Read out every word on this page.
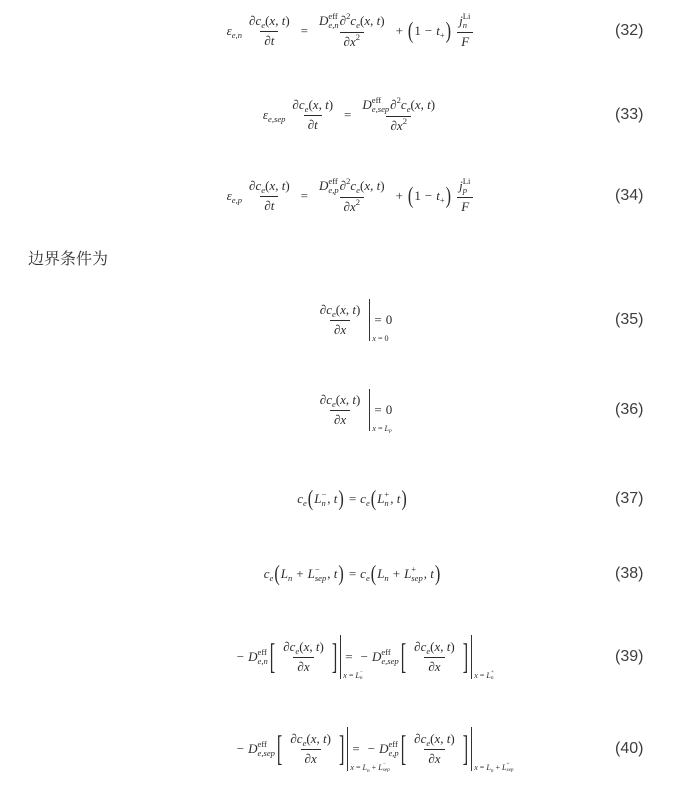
ε $e,n \frac{\text{∂ c e ( x , t )}}{\partial t} = D$ eff
e,n ∂ 2 c e ( x , t )
∂ x 2 + ( 1 − t + ) j Li
n
F	(32)
ε $e,sep \frac{\text{∂ c e ( x , t )}}{\partial t} = D$ eff
e,sep ∂ 2 c e ( x , t )
∂ x 2	(33)
ε $e,p \frac{\text{∂ c e ( x , t )}}{\partial t} = D$ eff
e,p ∂ 2 c e ( x , t )
∂ x 2 + ( 1 − t + ) j Li
p
F	(34)
边界条件为
$\frac{\text{∂ c e ( x , t )}}{\partial x}$ x = 0
= 0	(35)
$\frac{\text{∂ c e ( x , t )}}{\partial x}$ x = L p
= 0	(36)
c e ( L −
n , t ) = c e ( L +
n , t )	(37)
c e ( L n + L −
sep , t ) = c e ( L n + L +
sep , t )	(38)
− D eff
e,n [ $\frac{\text{∂ c e ( x , t )}}{\partial x}$ ] x = L −
n
= − D eff
e,sep [ $\frac{\text{∂ c e ( x , t )}}{\partial x}$ ] x = L +
n
(39)
− D eff
e,sep [ $\frac{\text{∂ c e ( x , t )}}{\partial x}$ ] x = L n + L −
sep
= − D eff
e,p [ $\frac{\text{∂ c e ( x , t )}}{\partial x}$ ] x = L n + L +
sep
(40)
